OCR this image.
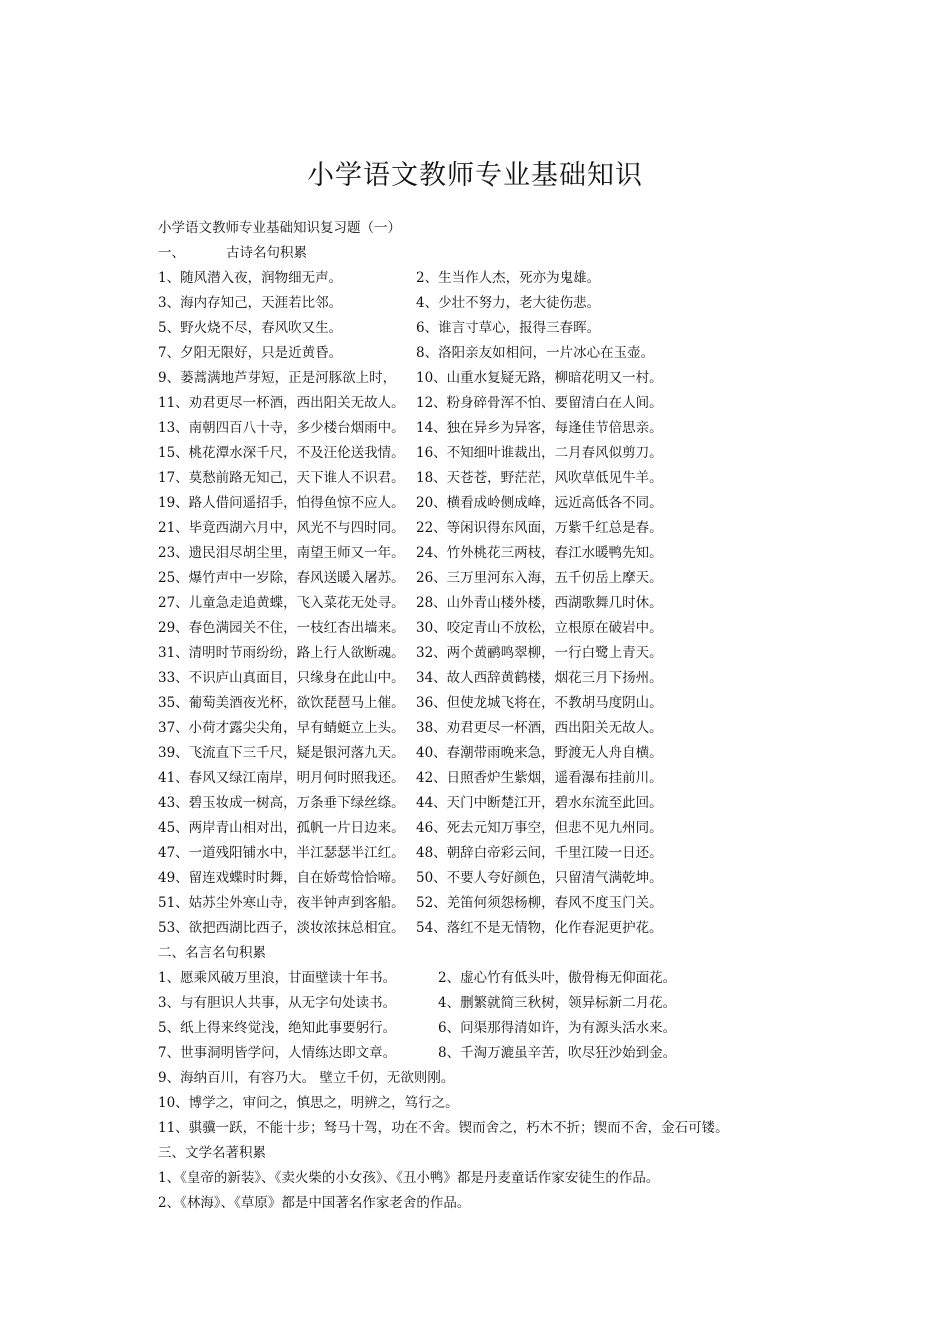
小学语文教师专业基础知识
小学语文教师专业基础知识复习题（一）
一、	古诗名句积累
1、随风潜入夜，润物细无声。	2、生当作人杰，死亦为鬼雄。
3、海内存知己，天涯若比邻。	4、少壮不努力，老大徒伤悲。
5、野火烧不尽，春风吹又生。	6、谁言寸草心，报得三春晖。
7、夕阳无限好，只是近黄昏。	8、洛阳亲友如相问，一片冰心在玉壶。
9、蒌蒿满地芦芽短，正是河豚欲上时， 10、山重水复疑无路，柳暗花明又一村。
11、劝君更尽一杯酒，西出阳关无故人。 12、粉身碎骨浑不怕、要留清白在人间。
13、南朝四百八十寺，多少楼台烟雨中。 14、独在异乡为异客，每逢佳节倍思亲。
15、桃花潭水深千尺，不及汪伦送我情。 16、不知细叶谁裁出，二月春风似剪刀。
17、莫愁前路无知己，天下谁人不识君。 18、天苍苍，野茫茫，风吹草低见牛羊。
19、路人借问遥招手，怕得鱼惊不应人。 20、横看成岭侧成峰，远近高低各不同。
21、毕竟西湖六月中，风光不与四时同。 22、等闲识得东风面，万紫千红总是春。
23、遗民泪尽胡尘里，南望王师又一年。 24、竹外桃花三两枝，春江水暖鸭先知。
25、爆竹声中一岁除，春风送暖入屠苏。 26、三万里河东入海，五千仞岳上摩天。
27、儿童急走追黄蝶，飞入菜花无处寻。 28、山外青山楼外楼，西湖歌舞几时休。
29、春色满园关不住，一枝红杏出墙来。 30、咬定青山不放松，立根原在破岩中。
31、清明时节雨纷纷，路上行人欲断魂。 32、两个黄鹂鸣翠柳，一行白鹭上青天。
33、不识庐山真面目，只缘身在此山中。 34、故人西辞黄鹤楼，烟花三月下扬州。
35、葡萄美酒夜光杯，欲饮琵琶马上催。 36、但使龙城飞将在，不教胡马度阴山。
37、小荷才露尖尖角，早有蜻蜓立上头。 38、劝君更尽一杯酒，西出阳关无故人。
39、飞流直下三千尺，疑是银河落九天。 40、春潮带雨晚来急，野渡无人舟自横。
41、春风又绿江南岸，明月何时照我还。 42、日照香炉生紫烟，遥看瀑布挂前川。
43、碧玉妆成一树高，万条垂下绿丝绦。 44、天门中断楚江开，碧水东流至此回。
45、两岸青山相对出，孤帆一片日边来。 46、死去元知万事空，但悲不见九州同。
47、一道残阳铺水中，半江瑟瑟半江红。 48、朝辞白帝彩云间，千里江陵一日还。
49、留连戏蝶时时舞，自在娇莺恰恰啼。 50、不要人夸好颜色，只留清气满乾坤。
51、姑苏尘外寒山寺，夜半钟声到客船。 52、羌笛何须怨杨柳，春风不度玉门关。
53、欲把西湖比西子，淡妆浓抹总相宜。 54、落红不是无情物，化作春泥更护花。
二、名言名句积累
1、愿乘风破万里浪，甘面壁读十年书。	2、虚心竹有低头叶，傲骨梅无仰面花。
3、与有胆识人共事，从无字句处读书。	4、删繁就简三秋树，领异标新二月花。
5、纸上得来终觉浅，绝知此事要躬行。	6、问渠那得清如许，为有源头活水来。
7、世事洞明皆学问，人情练达即文章。	8、千淘万漉虽辛苦，吹尽狂沙始到金。
9、海纳百川，有容乃大。 壁立千仞，无欲则刚。
10、博学之，审问之，慎思之，明辨之，笃行之。
11、骐骥一跃，不能十步；驽马十驾，功在不舍。锲而舍之，朽木不折；锲而不舍，金石可镂。
三、文学名著积累
1、《皇帝的新装》、《卖火柴的小女孩》、《丑小鸭》都是丹麦童话作家安徒生的作品。
2、《林海》、《草原》都是中国著名作家老舍的作品。
